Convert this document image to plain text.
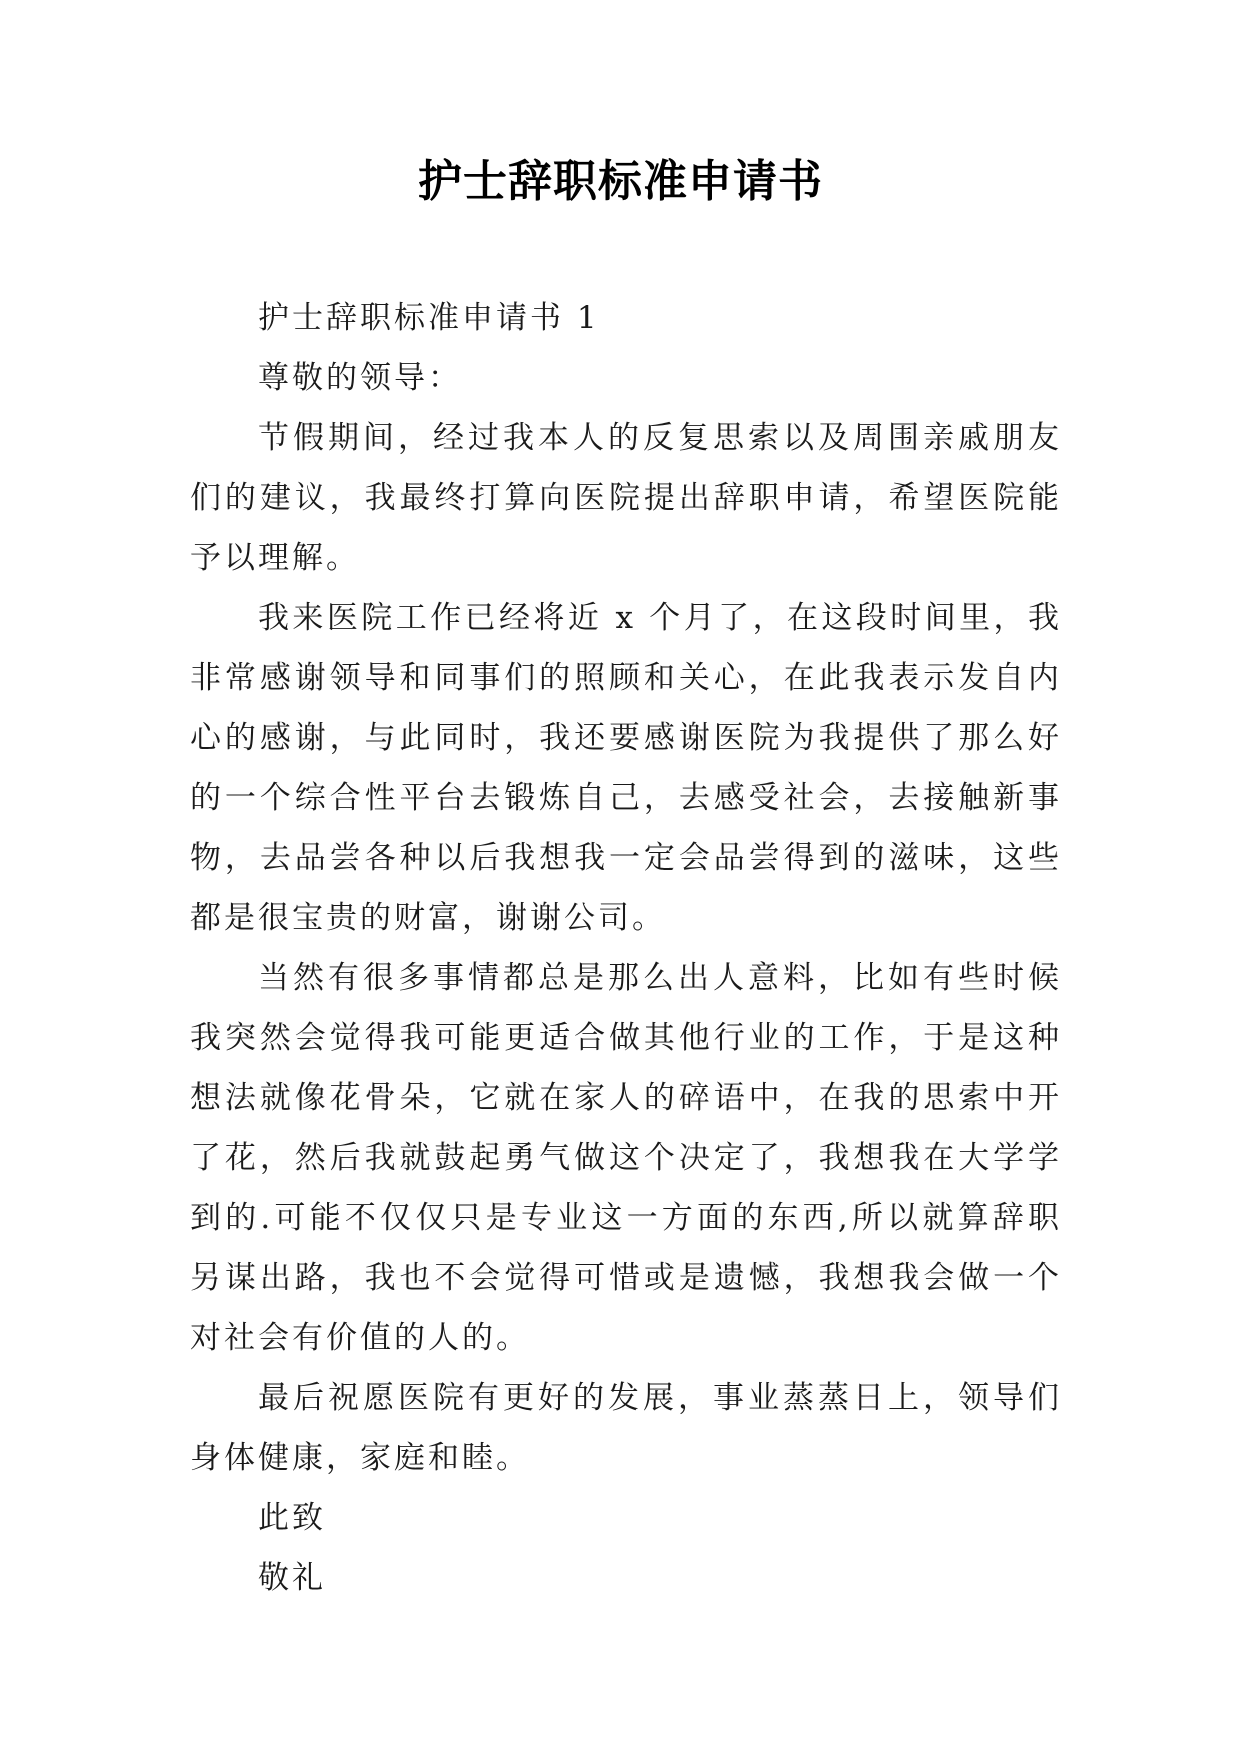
护士辞职标准申请书

护士辞职标准申请书 1

尊敬的领导：

节假期间，经过我本人的反复思索以及周围亲戚朋友们的建议，我最终打算向医院提出辞职申请，希望医院能予以理解。

我来医院工作已经将近 x 个月了，在这段时间里，我非常感谢领导和同事们的照顾和关心，在此我表示发自内心的感谢，与此同时，我还要感谢医院为我提供了那么好的一个综合性平台去锻炼自己，去感受社会，去接触新事物，去品尝各种以后我想我一定会品尝得到的滋味，这些都是很宝贵的财富，谢谢公司。

当然有很多事情都总是那么出人意料，比如有些时候我突然会觉得我可能更适合做其他行业的工作，于是这种想法就像花骨朵，它就在家人的碎语中，在我的思索中开了花，然后我就鼓起勇气做这个决定了，我想我在大学学到的.可能不仅仅只是专业这一方面的东西,所以就算辞职另谋出路，我也不会觉得可惜或是遗憾，我想我会做一个对社会有价值的人的。

最后祝愿医院有更好的发展，事业蒸蒸日上，领导们身体健康，家庭和睦。

此致

敬礼
